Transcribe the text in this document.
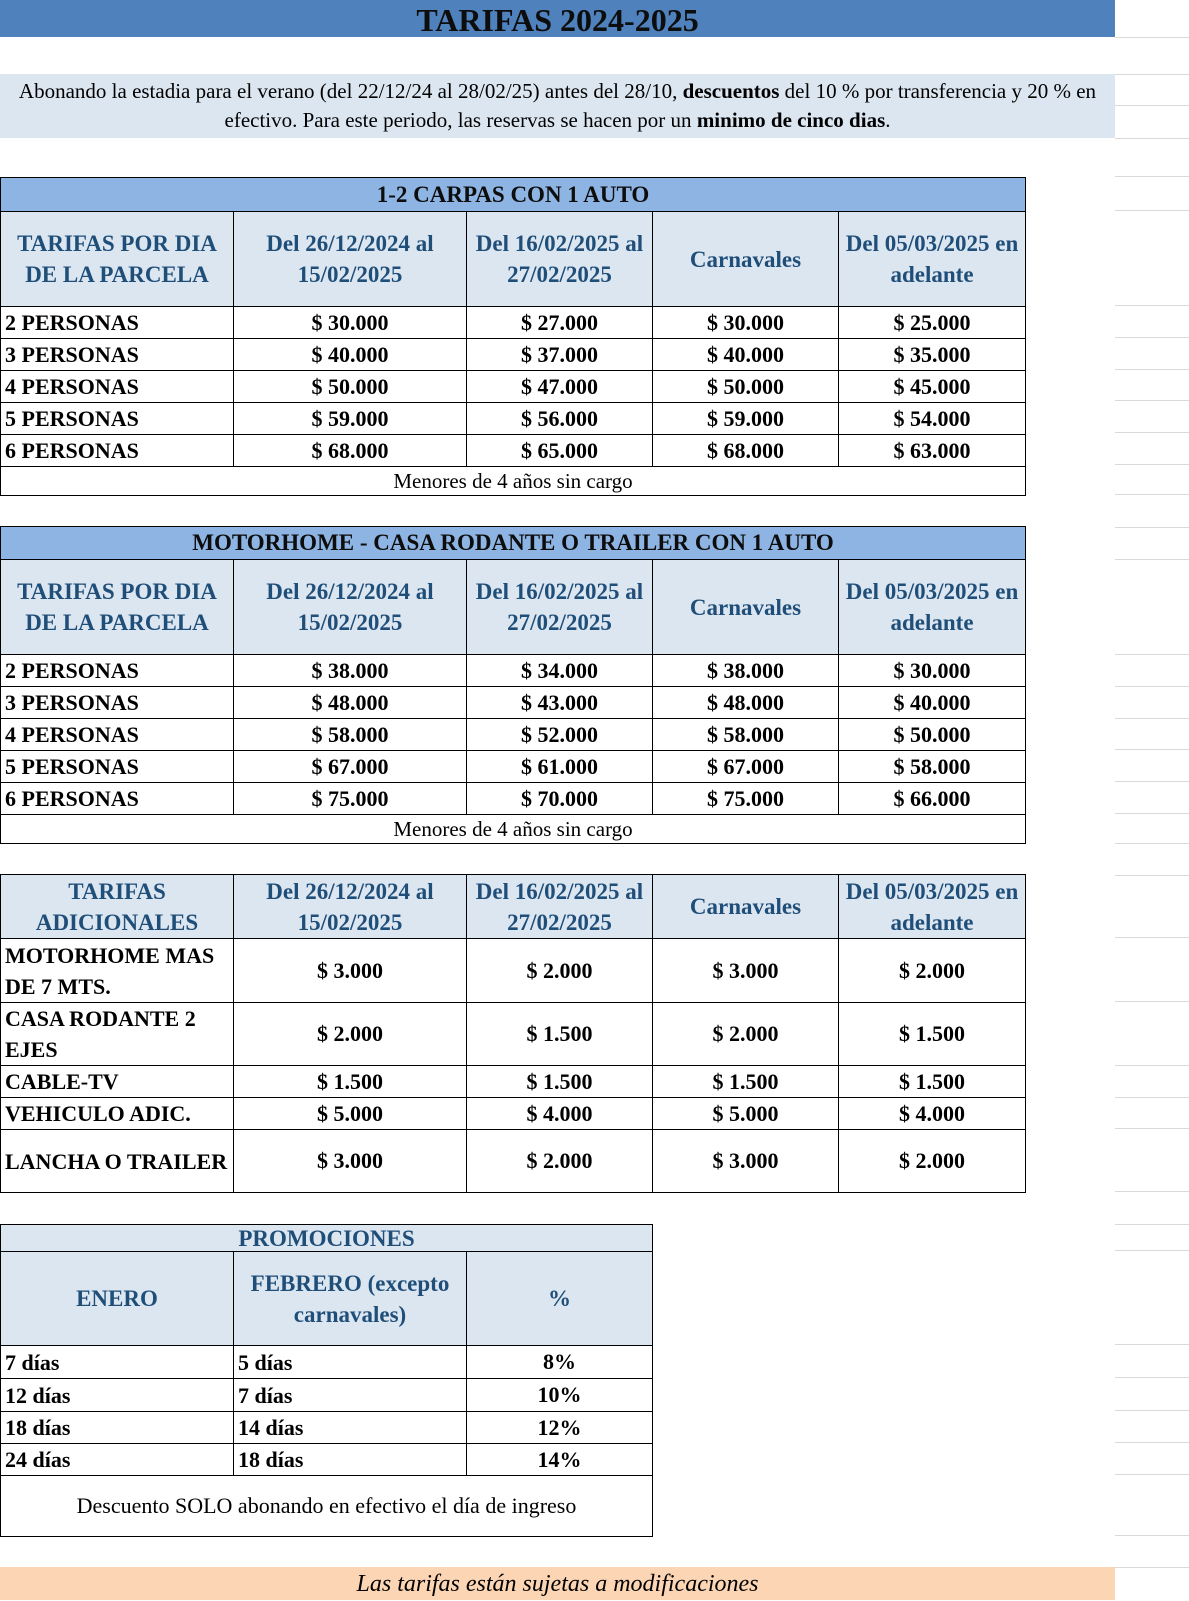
TARIFAS 2024-2025
Abonando la estadia para el verano (del 22/12/24 al 28/02/25) antes del 28/10, descuentos del 10 % por transferencia y 20 % en efectivo. Para este periodo, las reservas se hacen por un minimo de cinco dias.
1-2 CARPAS CON 1 AUTO				
TARIFAS POR DIA DE LA PARCELA	Del 26/12/2024 al 15/02/2025	Del 16/02/2025 al 27/02/2025	Carnavales	Del 05/03/2025 en adelante
2 PERSONAS	$ 30.000	$ 27.000	$ 30.000	$ 25.000
3 PERSONAS	$ 40.000	$ 37.000	$ 40.000	$ 35.000
4 PERSONAS	$ 50.000	$ 47.000	$ 50.000	$ 45.000
5 PERSONAS	$ 59.000	$ 56.000	$ 59.000	$ 54.000
6 PERSONAS	$ 68.000	$ 65.000	$ 68.000	$ 63.000
Menores de 4 años sin cargo				
MOTORHOME - CASA RODANTE O TRAILER CON 1 AUTO				
TARIFAS POR DIA DE LA PARCELA	Del 26/12/2024 al 15/02/2025	Del 16/02/2025 al 27/02/2025	Carnavales	Del 05/03/2025 en adelante
2 PERSONAS	$ 38.000	$ 34.000	$ 38.000	$ 30.000
3 PERSONAS	$ 48.000	$ 43.000	$ 48.000	$ 40.000
4 PERSONAS	$ 58.000	$ 52.000	$ 58.000	$ 50.000
5 PERSONAS	$ 67.000	$ 61.000	$ 67.000	$ 58.000
6 PERSONAS	$ 75.000	$ 70.000	$ 75.000	$ 66.000
Menores de 4 años sin cargo				
TARIFAS ADICIONALES	Del 26/12/2024 al 15/02/2025	Del 16/02/2025 al 27/02/2025	Carnavales	Del 05/03/2025 en adelante
MOTORHOME MAS DE 7 MTS.	$ 3.000	$ 2.000	$ 3.000	$ 2.000
CASA RODANTE 2 EJES	$ 2.000	$ 1.500	$ 2.000	$ 1.500
CABLE-TV	$ 1.500	$ 1.500	$ 1.500	$ 1.500
VEHICULO ADIC.	$ 5.000	$ 4.000	$ 5.000	$ 4.000
LANCHA O TRAILER	$ 3.000	$ 2.000	$ 3.000	$ 2.000
PROMOCIONES		
ENERO	FEBRERO (excepto carnavales)	%
7 días	5 días	8%
12 días	7 días	10%
18 días	14 días	12%
24 días	18 días	14%
Descuento SOLO abonando en efectivo el día de ingreso		
Las tarifas están sujetas a modificaciones
